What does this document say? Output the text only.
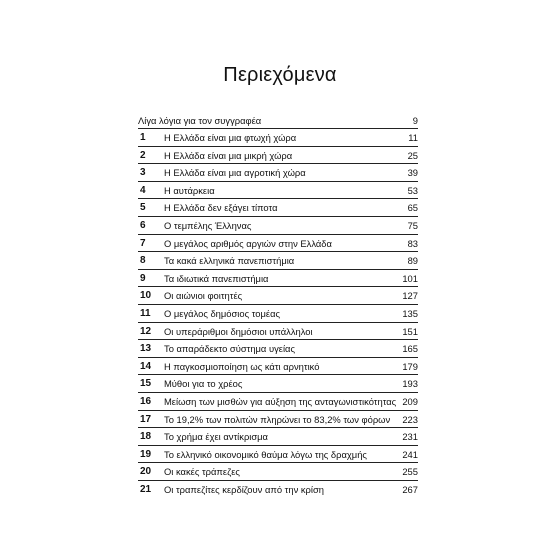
Περιεχόμενα
Λίγα λόγια για τον συγγραφέα	9
1	Η Ελλάδα είναι μια φτωχή χώρα	11
2	Η Ελλάδα είναι μια μικρή χώρα	25
3	Η Ελλάδα είναι μια αγροτική χώρα	39
4	Η αυτάρκεια	53
5	Η Ελλάδα δεν εξάγει τίποτα	65
6	Ο τεμπέλης Έλληνας	75
7	Ο μεγάλος αριθμός αργιών στην Ελλάδα	83
8	Τα κακά ελληνικά πανεπιστήμια	89
9	Τα ιδιωτικά πανεπιστήμια	101
10	Οι αιώνιοι φοιτητές	127
11	Ο μεγάλος δημόσιος τομέας	135
12	Οι υπεράριθμοι δημόσιοι υπάλληλοι	151
13	Το απαράδεκτο σύστημα υγείας	165
14	Η παγκοσμιοποίηση ως κάτι αρνητικό	179
15	Μύθοι για το χρέος	193
16	Μείωση των μισθών για αύξηση της ανταγωνιστικότητας 209
17	Το 19,2% των πολιτών πληρώνει το 83,2% των φόρων 223
18	Το χρήμα έχει αντίκρισμα	231
19	Το ελληνικό οικονομικό θαύμα λόγω της δραχμής	241
20	Οι κακές τράπεζες	255
21	Οι τραπεζίτες κερδίζουν από την κρίση	267
